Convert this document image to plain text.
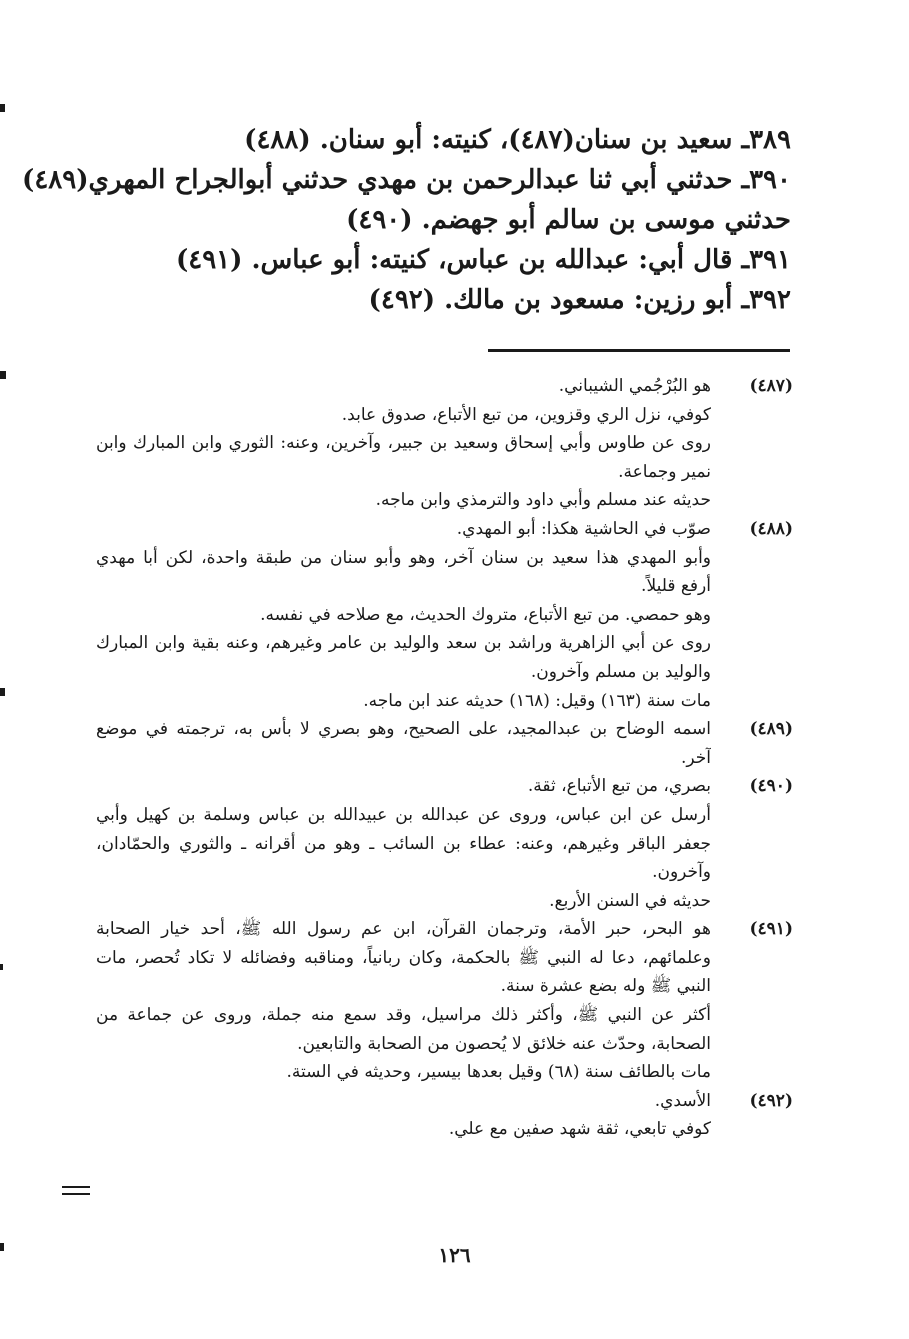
٣٨٩ـ سعيد بن سنان(٤٨٧)، كنيته: أبو سنان. (٤٨٨)
٣٩٠ـ حدثني أبي ثنا عبدالرحمن بن مهدي حدثني أبوالجراح المهري(٤٨٩)
حدثني موسى بن سالم أبو جهضم. (٤٩٠)
٣٩١ـ قال أبي: عبدالله بن عباس، كنيته: أبو عباس. (٤٩١)
٣٩٢ـ أبو رزين: مسعود بن مالك. (٤٩٢)
(٤٨٧)
هو البُرْجُمي الشيباني.
كوفي، نزل الري وقزوين، من تبع الأتباع، صدوق عابد.
روى عن طاوس وأبي إسحاق وسعيد بن جبير، وآخرين، وعنه: الثوري وابن المبارك وابن
نمير وجماعة.
حديثه عند مسلم وأبي داود والترمذي وابن ماجه.
(٤٨٨)
صوّب في الحاشية هكذا: أبو المهدي.
وأبو المهدي هذا سعيد بن سنان آخر، وهو وأبو سنان من طبقة واحدة، لكن أبا مهدي
أرفع قليلاً.
وهو حمصي. من تبع الأتباع، متروك الحديث، مع صلاحه في نفسه.
روى عن أبي الزاهرية وراشد بن سعد والوليد بن عامر وغيرهم، وعنه بقية وابن المبارك
والوليد بن مسلم وآخرون.
مات سنة (١٦٣) وقيل: (١٦٨) حديثه عند ابن ماجه.
(٤٨٩)
اسمه الوضاح بن عبدالمجيد، على الصحيح، وهو بصري لا بأس به، ترجمته في موضع
آخر.
(٤٩٠)
بصري، من تبع الأتباع، ثقة.
أرسل عن ابن عباس، وروى عن عبدالله بن عبيدالله بن عباس وسلمة بن كهيل وأبي
جعفر الباقر وغيرهم، وعنه: عطاء بن السائب ـ وهو من أقرانه ـ والثوري والحمّادان،
وآخرون.
حديثه في السنن الأربع.
(٤٩١)
هو البحر، حبر الأمة، وترجمان القرآن، ابن عم رسول الله ﷺ، أحد خيار الصحابة
وعلمائهم، دعا له النبي ﷺ بالحكمة، وكان ربانياً، ومناقبه وفضائله لا تكاد تُحصر، مات
النبي ﷺ وله بضع عشرة سنة.
أكثر عن النبي ﷺ، وأكثر ذلك مراسيل، وقد سمع منه جملة، وروى عن جماعة من
الصحابة، وحدّث عنه خلائق لا يُحصون من الصحابة والتابعين.
مات بالطائف سنة (٦٨) وقيل بعدها بيسير، وحديثه في الستة.
(٤٩٢)
الأسدي.
كوفي تابعي، ثقة شهد صفين مع علي.
١٢٦
